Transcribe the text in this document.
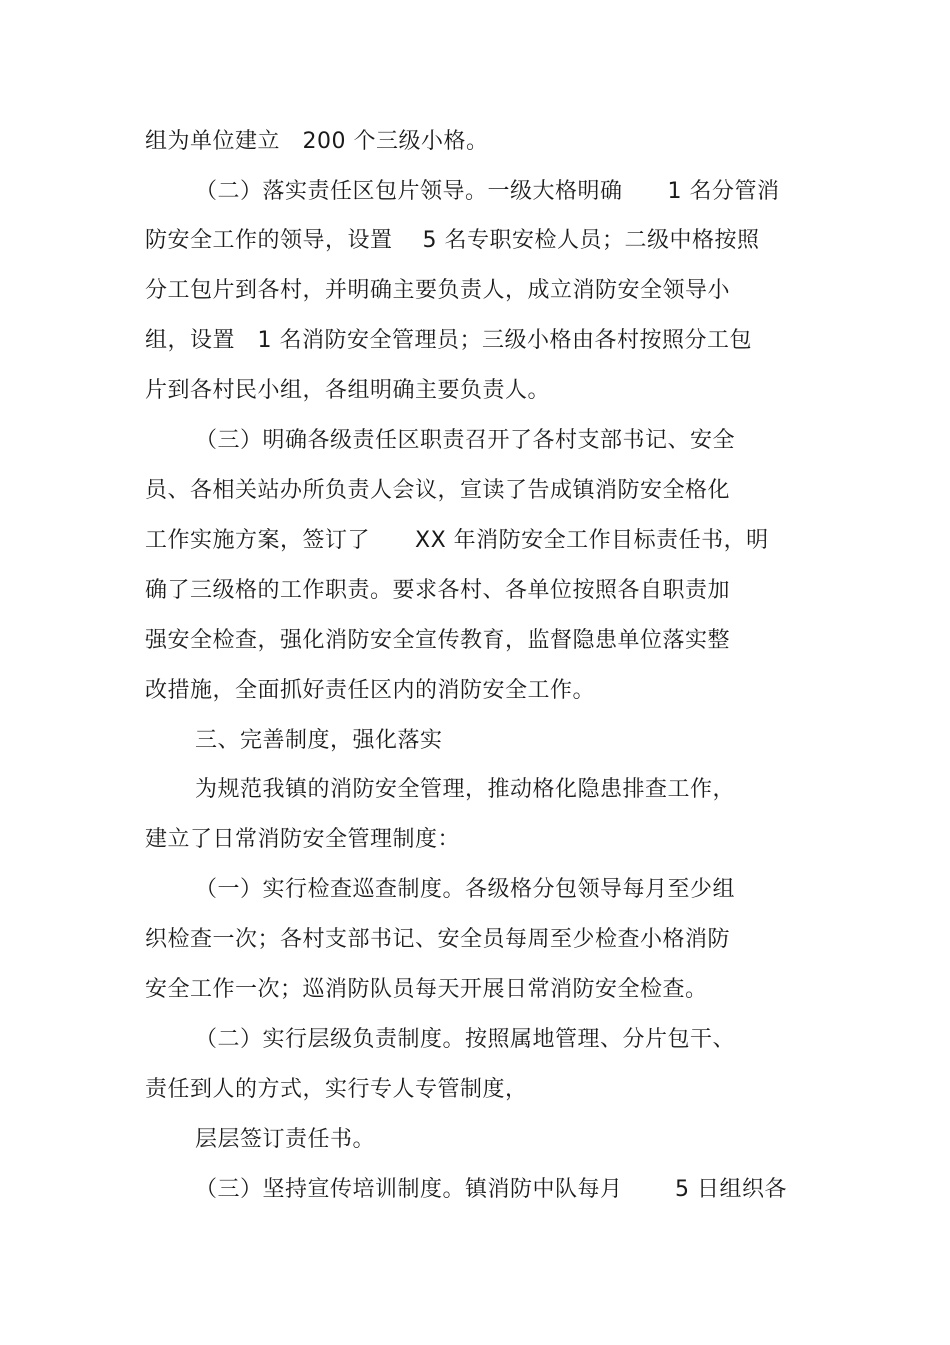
组为单位建立　200 个三级小格。
（二）落实责任区包片领导。一级大格明确　　1 名分管消
防安全工作的领导，设置　 5 名专职安检人员；二级中格按照
分工包片到各村，并明确主要负责人，成立消防安全领导小
组，设置　1 名消防安全管理员；三级小格由各村按照分工包
片到各村民小组，各组明确主要负责人。
（三）明确各级责任区职责召开了各村支部书记、安全
员、各相关站办所负责人会议，宣读了告成镇消防安全格化
工作实施方案，签订了　　XX 年消防安全工作目标责任书，明
确了三级格的工作职责。要求各村、各单位按照各自职责加
强安全检查，强化消防安全宣传教育，监督隐患单位落实整
改措施，全面抓好责任区内的消防安全工作。
三、完善制度，强化落实
为规范我镇的消防安全管理，推动格化隐患排查工作，
建立了日常消防安全管理制度：
（一）实行检查巡查制度。各级格分包领导每月至少组
织检查一次；各村支部书记、安全员每周至少检查小格消防
安全工作一次；巡消防队员每天开展日常消防安全检查。
（二）实行层级负责制度。按照属地管理、分片包干、
责任到人的方式，实行专人专管制度，
层层签订责任书。
（三）坚持宣传培训制度。镇消防中队每月　　 5 日组织各
